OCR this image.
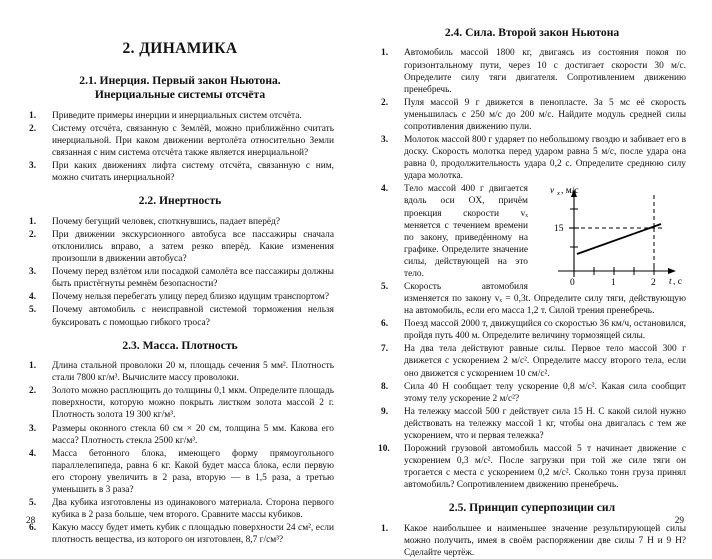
2. ДИНАМИКА
2.1. Инерция. Первый закон Ньютона.
Инерциальные системы отсчёта
1.	Приведите примеры инерции и инерциальных систем отсчёта.
2.	Систему отсчёта, связанную с Землёй, можно приближённо считать инерциальной. При каком движении вертолёта относительно Земли связанная с ним система отсчёта также является инерциальной?
3.	При каких движениях лифта систему отсчёта, связанную с ним, можно считать инерциальной?
2.2. Инертность
1.	Почему бегущий человек, споткнувшись, падает вперёд?
2.	При движении экскурсионного автобуса все пассажиры сначала отклонились вправо, а затем резко вперёд. Какие изменения произошли в движении автобуса?
3.	Почему перед взлётом или посадкой самолёта все пассажиры должны быть пристёгнуты ремнём безопасности?
4.	Почему нельзя перебегать улицу перед близко идущим транспортом?
5.	Почему автомобиль с неисправной системой торможения нельзя буксировать с помощью гибкого троса?
2.3. Масса. Плотность
1.	Длина стальной проволоки 20 м, площадь сечения 5 мм². Плотность стали 7800 кг/м³. Вычислите массу проволоки.
2.	Золото можно расплющить до толщины 0,1 мкм. Определите площадь поверхности, которую можно покрыть листком золота массой 2 г. Плотность золота 19 300 кг/м³.
3.	Размеры оконного стекла 60 см × 20 см, толщина 5 мм. Какова его масса? Плотность стекла 2500 кг/м³.
4.	Масса бетонного блока, имеющего форму прямоугольного параллелепипеда, равна 6 кг. Какой будет масса блока, если первую его сторону увеличить в 2 раза, вторую — в 1,5 раза, а третью уменьшить в 3 раза?
5.	Два кубика изготовлены из одинакового материала. Сторона первого кубика в 2 раза больше, чем второго. Сравните массы кубиков.
6.	Какую массу будет иметь кубик с площадью поверхности 24 см², если плотность вещества, из которого он изготовлен, 8,7 г/см³?
28
2.4. Сила. Второй закон Ньютона
1.	Автомобиль массой 1800 кг, двигаясь из состояния покоя по горизонтальному пути, через 10 с достигает скорости 30 м/с. Определите силу тяги двигателя. Сопротивлением движению пренебречь.
2.	Пуля массой 9 г движется в пенопласте. За 5 мс её скорость уменьшилась с 250 м/с до 200 м/с. Найдите модуль средней силы сопротивления движению пули.
3.	Молоток массой 800 г ударяет по небольшому гвоздю и забивает его в доску. Скорость молотка перед ударом равна 5 м/с, после удара она равна 0, продолжительность удара 0,2 с. Определите среднюю силу удара молотка.
4.	v x , м/с
15
0	1	2 t , c
Тело массой 400 г двигается вдоль оси OX, причём проекция скорости vₓ меняется с течением времени по закону, приведённому на графике. Определите значение силы, действующей на это тело.
5.	Скорость автомобиля изменяется по закону vₓ = 0,3t. Определите силу тяги, действующую на автомобиль, если его масса 1,2 т. Силой трения пренебречь.
6.	Поезд массой 2000 т, движущийся со скоростью 36 км/ч, остановился, пройдя путь 400 м. Определите величину тормозящей силы.
7.	На два тела действуют равные силы. Первое тело массой 300 г движется с ускорением 2 м/с². Определите массу второго тела, если оно движется с ускорением 10 см/с².
8.	Сила 40 Н сообщает телу ускорение 0,8 м/с². Какая сила сообщит этому телу ускорение 2 м/с²?
9.	На тележку массой 500 г действует сила 15 Н. С какой силой нужно действовать на тележку массой 1 кг, чтобы она двигалась с тем же ускорением, что и первая тележка?
10.	Порожний грузовой автомобиль массой 5 т начинает движение с ускорением 0,3 м/с². После загрузки при той же силе тяги он трогается с места с ускорением 0,2 м/с². Сколько тонн груза принял автомобиль? Сопротивлением движению пренебречь.
2.5. Принцип суперпозиции сил
1.	Какое наибольшее и наименьшее значение результирующей силы можно получить, имея в своём распоряжении две силы 7 Н и 9 Н? Сделайте чертёж.
29
